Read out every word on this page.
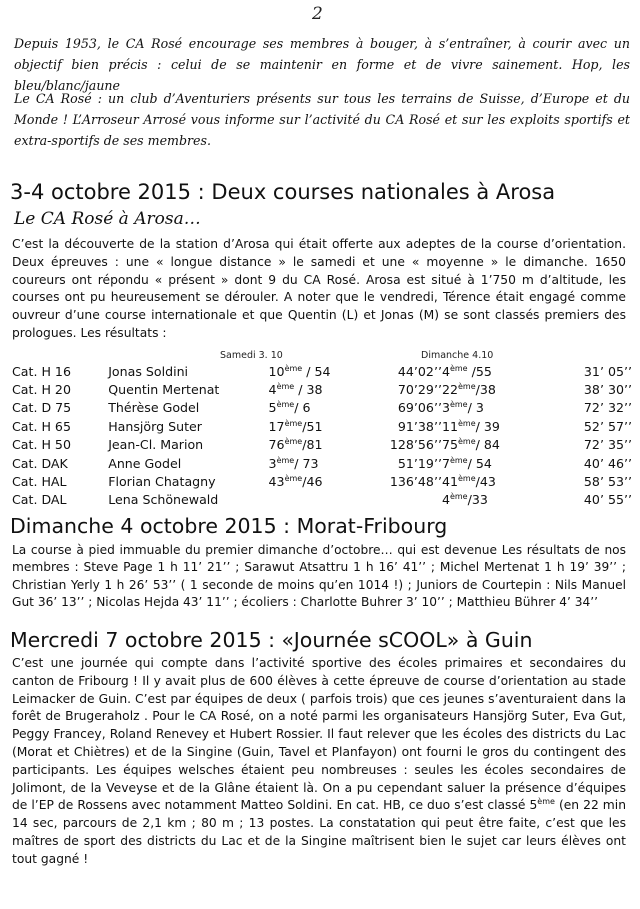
2

Depuis 1953, le CA Rosé encourage ses membres à bouger, à s’entraîner, à courir avec un objectif bien précis : celui de se maintenir en forme et de vivre sainement. Hop, les bleu/blanc/jaune

Le CA Rosé : un club d’Aventuriers présents sur tous les terrains de Suisse, d’Europe et du Monde ! L’Arroseur Arrosé vous informe sur l’activité du CA Rosé et sur les exploits sportifs et extra-sportifs de ses membres.

3-4 octobre 2015 : Deux courses nationales à Arosa
Le CA Rosé à Arosa…

C’est la découverte de la station d’Arosa qui était offerte aux adeptes de la course d’orientation. Deux épreuves : une « longue distance » le samedi et une « moyenne » le dimanche. 1650 coureurs ont répondu « présent » dont 9 du CA Rosé. Arosa est situé à 1’750 m d’altitude, les courses ont pu heureusement se dérouler. A noter que le vendredi, Térence était engagé comme ouvreur d’une course internationale et que Quentin (L) et Jonas (M) se sont classés premiers des prologues. Les résultats :

Samedi 3. 10	Dimanche 4.10
Cat. H 16	Jonas Soldini	10ème / 54	44’02’’	4ème /55	31’ 05’’
Cat. H 20	Quentin Mertenat	4ème / 38	70’29’’	22ème/38	38’ 30’’
Cat. D 75	Thérèse Godel	5ème/ 6	69’06’’	3ème/ 3	72’ 32’’
Cat. H 65	Hansjörg Suter	17ème/51	91’38’’	11ème/ 39	52’ 57’’
Cat. H 50	Jean-Cl. Marion	76ème/81	128’56’’	75ème/ 84	72’ 35’’
Cat. DAK	Anne Godel	3ème/ 73	51’19’’	7ème/ 54	40’ 46’’
Cat. HAL	Florian Chatagny	43ème/46	136’48’’	41ème/43	58’ 53’’
Cat. DAL	Lena Schönewald			4ème/33	40’ 55’’
Dimanche 4 octobre 2015 : Morat-Fribourg

La course à pied immuable du premier dimanche d’octobre… qui est devenue Les résultats de nos membres : Steve Page 1 h 11’ 21’’ ; Sarawut Atsattru 1 h 16’ 41’’ ; Michel Mertenat 1 h 19’ 39’’ ; Christian Yerly 1 h 26’ 53’’ ( 1 seconde de moins qu’en 1014 !) ; Juniors de Courtepin : Nils Manuel Gut 36’ 13’’ ; Nicolas Hejda 43’ 11’’ ; écoliers : Charlotte Buhrer 3’ 10’’ ; Matthieu Bührer 4’ 34’’

Mercredi 7 octobre 2015 : «Journée sCOOL» à Guin

C’est une journée qui compte dans l’activité sportive des écoles primaires et secondaires du canton de Fribourg ! Il y avait plus de 600 élèves à cette épreuve de course d’orientation au stade Leimacker de Guin. C’est par équipes de deux ( parfois trois) que ces jeunes s’aventuraient dans la forêt de Brugeraholz . Pour le CA Rosé, on a noté parmi les organisateurs Hansjörg Suter, Eva Gut, Peggy Francey, Roland Renevey et Hubert Rossier. Il faut relever que les écoles des districts du Lac (Morat et Chiètres) et de la Singine (Guin, Tavel et Planfayon) ont fourni le gros du contingent des participants. Les équipes welsches étaient peu nombreuses : seules les écoles secondaires de Jolimont, de la Veveyse et de la Glâne étaient là. On a pu cependant saluer la présence d’équipes de l’EP de Rossens avec notamment Matteo Soldini. En cat. HB, ce duo s’est classé 5ème (en 22 min 14 sec, parcours de 2,1 km ; 80 m ; 13 postes. La constatation qui peut être faite, c’est que les maîtres de sport des districts du Lac et de la Singine maîtrisent bien le sujet car leurs élèves ont tout gagné !
